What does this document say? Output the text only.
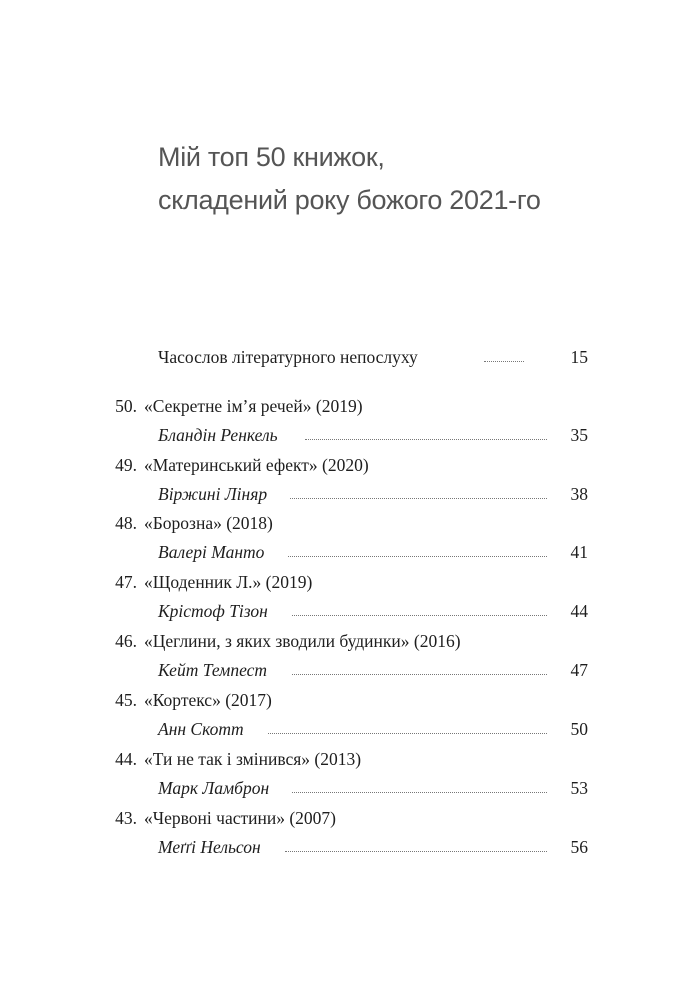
Мій топ 50 книжок,
складений року божого 2021-го
Часослов літературного непослуху	15
50. «Секретне ім’я речей» (2019)
Бландін Ренкель	35
49. «Материнський ефект» (2020)
Віржині Лiняр	38
48. «Борозна» (2018)
Валері Манто	41
47. «Щоденник Л.» (2019)
Крістоф Тізон	44
46. «Цеглини, з яких зводили будинки» (2016)
Кейт Темпест	47
45. «Кортекс» (2017)
Анн Скотт	50
44. «Ти не так і змінився» (2013)
Марк Ламброн	53
43. «Червоні частини» (2007)
Меґґі Нельсон	56
